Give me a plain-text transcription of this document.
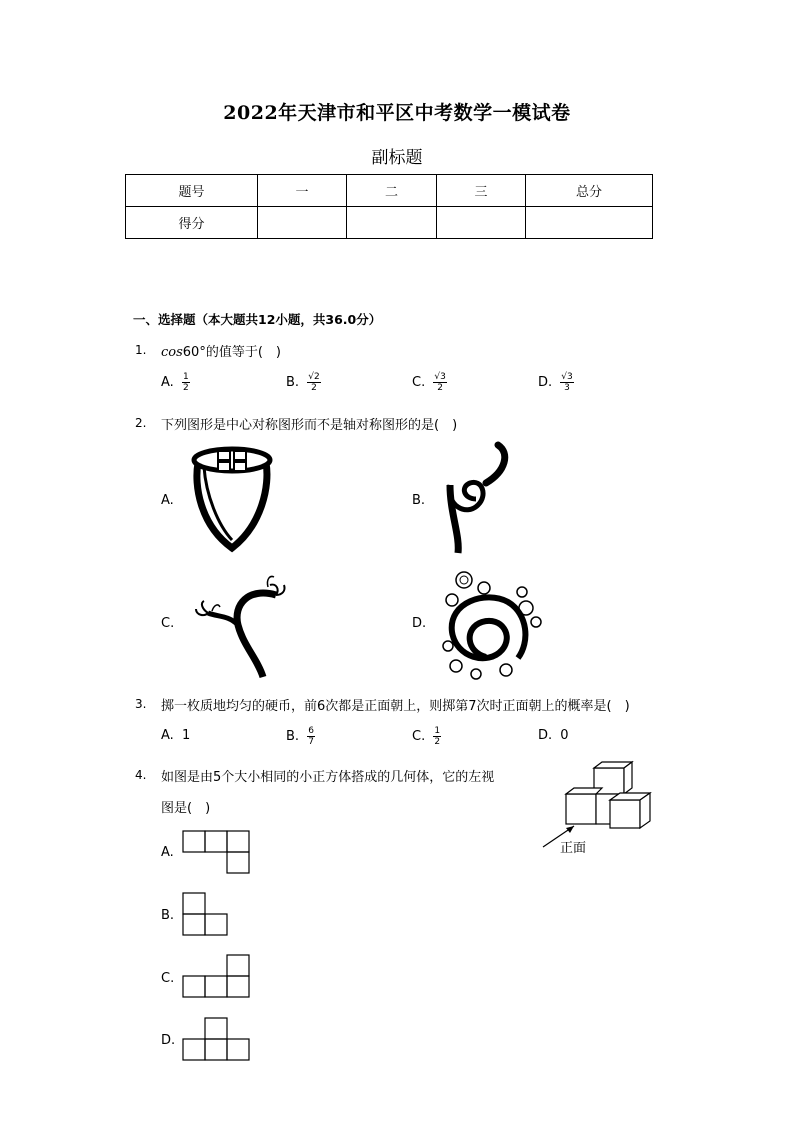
2022年天津市和平区中考数学一模试卷
副标题
题号	一	二	三	总分
得分				
一、选择题（本大题共12小题，共36.0分）
1. cos60°的值等于(　)
A. $\frac{1}{2}$	B. $\frac{√2}{2}$	C. $\frac{√3}{2}$	D. $\frac{√3}{3}$
2. 下列图形是中心对称图形而不是轴对称图形的是(　)
A.	B.
C.	D.
3. 掷一枚质地均匀的硬币，前6次都是正面朝上，则掷第7次时正面朝上的概率是(　)
A. 1	B. $\frac{6}{7}$	C. $\frac{1}{2}$	D. 0
4. 如图是由5个大小相同的小正方体搭成的几何体，它的左视
图是(　)
正面
A.
B.
C.
D.
